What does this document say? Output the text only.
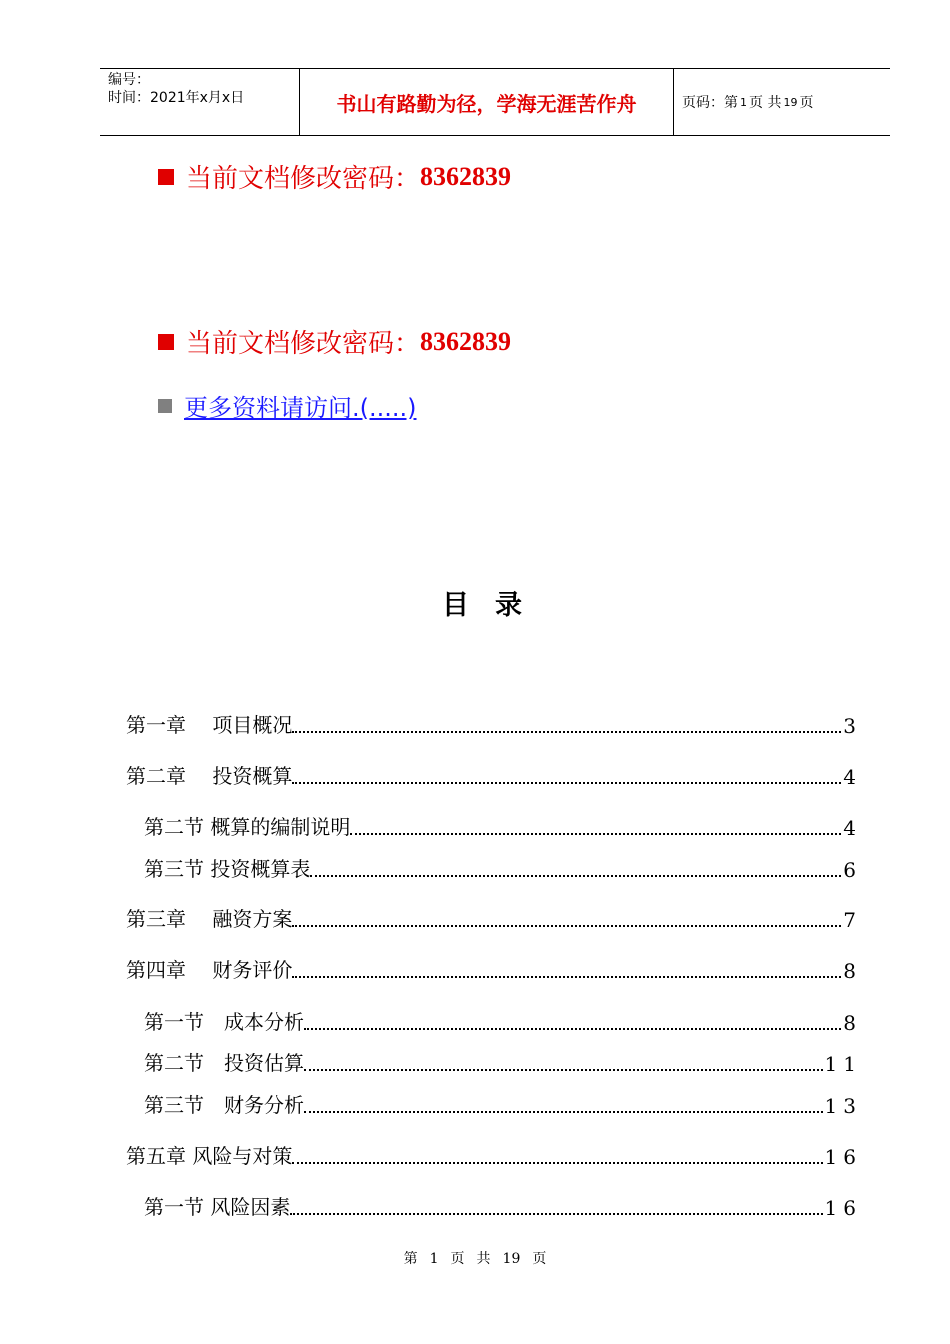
编号：
时间：2021年x月x日	书山有路勤为径，学海无涯苦作舟	页码：第 1 页 共 19 页
当前文档修改密码： 8362839
当前文档修改密码： 8362839
更多资料请访问.(.....)
目录
第一章　 项目概况	3
第二章　 投资概算	4
第二节 概算的编制说明	4
第三节 投资概算表	6
第三章　 融资方案	7
第四章　 财务评价	8
第一节　成本分析	8
第二节　投资估算	11
第三节　财务分析	13
第五章 风险与对策	16
第一节 风险因素	16
第 1 页 共 19 页
